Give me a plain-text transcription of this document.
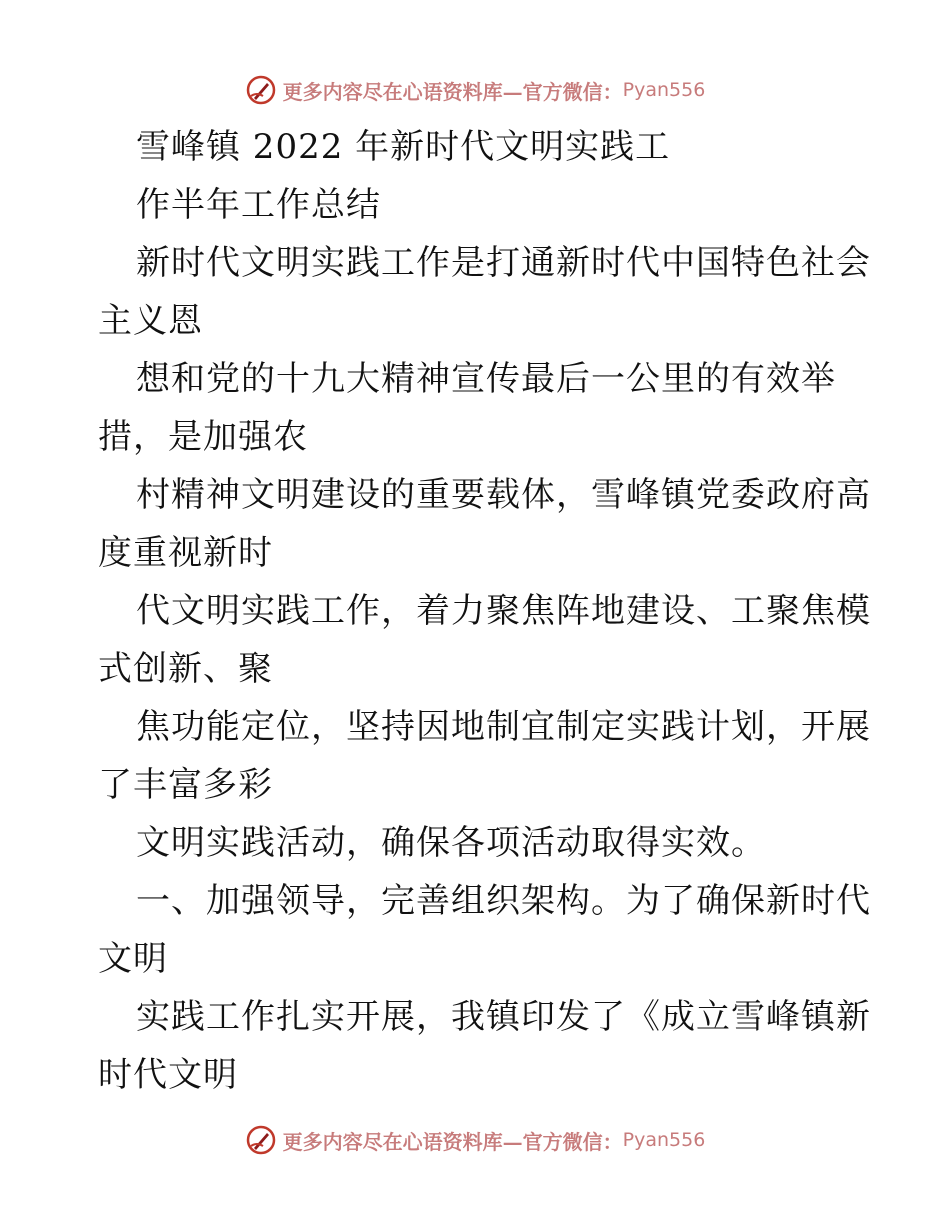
更多内容尽在心语资料库—官方微信： Pyan556
雪峰镇 2022 年新时代文明实践工
作半年工作总结
新时代文明实践工作是打通新时代中国特色社会
主义恩
想和党的十九大精神宣传最后一公里的有效举
措，是加强农
村精神文明建设的重要载体，雪峰镇党委政府高
度重视新时
代文明实践工作，着力聚焦阵地建设、工聚焦模
式创新、聚
焦功能定位，坚持因地制宜制定实践计划，开展
了丰富多彩
文明实践活动，确保各项活动取得实效。
一、加强领导，完善组织架构。为了确保新时代
文明
实践工作扎实开展，我镇印发了《成立雪峰镇新
时代文明
更多内容尽在心语资料库—官方微信： Pyan556
